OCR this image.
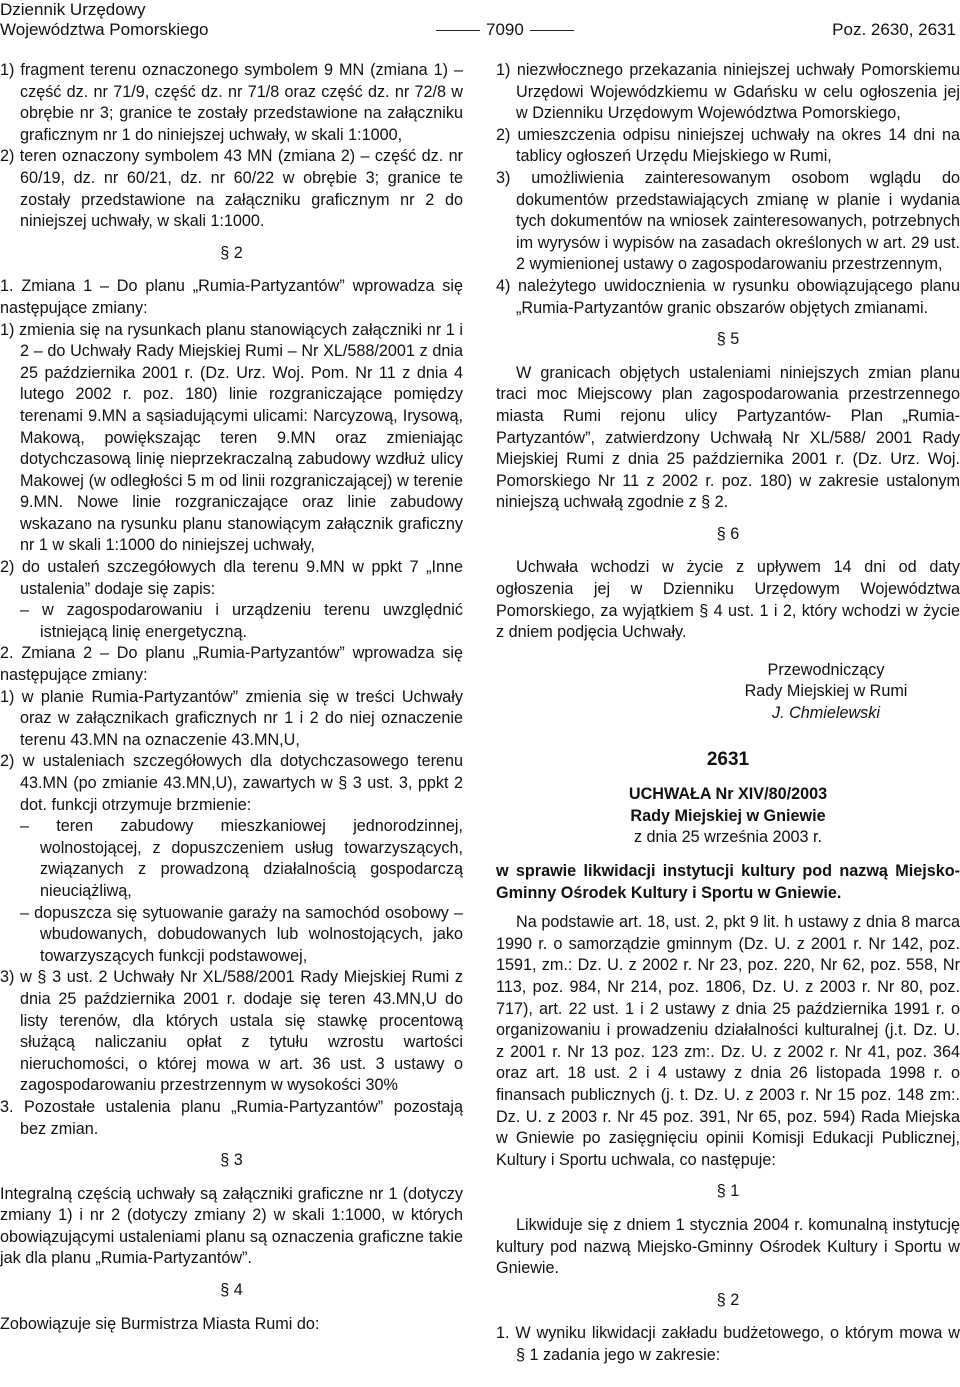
Dziennik Urzędowy
Województwa Pomorskiego	7090	Poz. 2630, 2631

1) fragment terenu oznaczonego symbolem 9 MN (zmiana 1) – część dz. nr 71/9, część dz. nr 71/8 oraz część dz. nr 72/8 w obrębie nr 3; granice te zostały przedstawione na załączniku graficznym nr 1 do niniejszej uchwały, w skali 1:1000,

2) teren oznaczony symbolem 43 MN (zmiana 2) – część dz. nr 60/19, dz. nr 60/21, dz. nr 60/22 w obrębie 3; granice te zostały przedstawione na załączniku graficznym nr 2 do niniejszej uchwały, w skali 1:1000.

§ 2

1. Zmiana 1 – Do planu „Rumia-Partyzantów” wprowadza się następujące zmiany:

1) zmienia się na rysunkach planu stanowiących załączniki nr 1 i 2 – do Uchwały Rady Miejskiej Rumi – Nr XL/588/2001 z dnia 25 października 2001 r. (Dz. Urz. Woj. Pom. Nr 11 z dnia 4 lutego 2002 r. poz. 180) linie rozgraniczające pomiędzy terenami 9.MN a sąsiadującymi ulicami: Narcyzową, Irysową, Makową, powiększając teren 9.MN oraz zmieniając dotychczasową linię nieprzekraczalną zabudowy wzdłuż ulicy Makowej (w odległości 5 m od linii rozgraniczającej) w terenie 9.MN. Nowe linie rozgraniczające oraz linie zabudowy wskazano na rysunku planu stanowiącym załącznik graficzny nr 1 w skali 1:1000 do niniejszej uchwały,

2) do ustaleń szczegółowych dla terenu 9.MN w ppkt 7 „Inne ustalenia” dodaje się zapis:

– w zagospodarowaniu i urządzeniu terenu uwzględnić istniejącą linię energetyczną.

2. Zmiana 2 – Do planu „Rumia-Partyzantów” wprowadza się następujące zmiany:

1) w planie Rumia-Partyzantów” zmienia się w treści Uchwały oraz w załącznikach graficznych nr 1 i 2 do niej oznaczenie terenu 43.MN na oznaczenie 43.MN,U,

2) w ustaleniach szczegółowych dla dotychczasowego terenu 43.MN (po zmianie 43.MN,U), zawartych w § 3 ust. 3, ppkt 2 dot. funkcji otrzymuje brzmienie:

– teren zabudowy mieszkaniowej jednorodzinnej, wolnostojącej, z dopuszczeniem usług towarzyszących, związanych z prowadzoną działalnością gospodarczą nieuciążliwą,

– dopuszcza się sytuowanie garaży na samochód osobowy – wbudowanych, dobudowanych lub wolnostojących, jako towarzyszących funkcji podstawowej,

3) w § 3 ust. 2 Uchwały Nr XL/588/2001 Rady Miejskiej Rumi z dnia 25 października 2001 r. dodaje się teren 43.MN,U do listy terenów, dla których ustala się stawkę procentową służącą naliczaniu opłat z tytułu wzrostu wartości nieruchomości, o której mowa w art. 36 ust. 3 ustawy o zagospodarowaniu przestrzennym w wysokości 30%

3. Pozostałe ustalenia planu „Rumia-Partyzantów” pozostają bez zmian.

§ 3

Integralną częścią uchwały są załączniki graficzne nr 1 (dotyczy zmiany 1) i nr 2 (dotyczy zmiany 2) w skali 1:1000, w których obowiązującymi ustaleniami planu są oznaczenia graficzne takie jak dla planu „Rumia-Partyzantów”.

§ 4

Zobowiązuje się Burmistrza Miasta Rumi do:

1) niezwłocznego przekazania niniejszej uchwały Pomorskiemu Urzędowi Wojewódzkiemu w Gdańsku w celu ogłoszenia jej w Dzienniku Urzędowym Województwa Pomorskiego,

2) umieszczenia odpisu niniejszej uchwały na okres 14 dni na tablicy ogłoszeń Urzędu Miejskiego w Rumi,

3) umożliwienia zainteresowanym osobom wglądu do dokumentów przedstawiających zmianę w planie i wydania tych dokumentów na wniosek zainteresowanych, potrzebnych im wyrysów i wypisów na zasadach określonych w art. 29 ust. 2 wymienionej ustawy o zagospodarowaniu przestrzennym,

4) należytego uwidocznienia w rysunku obowiązującego planu „Rumia-Partyzantów granic obszarów objętych zmianami.

§ 5

W granicach objętych ustaleniami niniejszych zmian planu traci moc Miejscowy plan zagospodarowania przestrzennego miasta Rumi rejonu ulicy Partyzantów- Plan „Rumia-Partyzantów”, zatwierdzony Uchwałą Nr XL/588/ 2001 Rady Miejskiej Rumi z dnia 25 października 2001 r. (Dz. Urz. Woj. Pomorskiego Nr 11 z 2002 r. poz. 180) w zakresie ustalonym niniejszą uchwałą zgodnie z § 2.

§ 6

Uchwała wchodzi w życie z upływem 14 dni od daty ogłoszenia jej w Dzienniku Urzędowym Województwa Pomorskiego, za wyjątkiem § 4 ust. 1 i 2, który wchodzi w życie z dniem podjęcia Uchwały.

Przewodniczący
Rady Miejskiej w Rumi
J. Chmielewski
2631
UCHWAŁA Nr XIV/80/2003
Rady Miejskiej w Gniewie
z dnia 25 września 2003 r.

w sprawie likwidacji instytucji kultury pod nazwą Miejsko-Gminny Ośrodek Kultury i Sportu w Gniewie.

Na podstawie art. 18, ust. 2, pkt 9 lit. h ustawy z dnia 8 marca 1990 r. o samorządzie gminnym (Dz. U. z 2001 r. Nr 142, poz. 1591, zm.: Dz. U. z 2002 r. Nr 23, poz. 220, Nr 62, poz. 558, Nr 113, poz. 984, Nr 214, poz. 1806, Dz. U. z 2003 r. Nr 80, poz. 717), art. 22 ust. 1 i 2 ustawy z dnia 25 października 1991 r. o organizowaniu i prowadzeniu działalności kulturalnej (j.t. Dz. U. z 2001 r. Nr 13 poz. 123 zm:. Dz. U. z 2002 r. Nr 41, poz. 364 oraz art. 18 ust. 2 i 4 ustawy z dnia 26 listopada 1998 r. o finansach publicznych (j. t. Dz. U. z 2003 r. Nr 15 poz. 148 zm:. Dz. U. z 2003 r. Nr 45 poz. 391, Nr 65, poz. 594) Rada Miejska w Gniewie po zasięgnięciu opinii Komisji Edukacji Publicznej, Kultury i Sportu uchwala, co następuje:

§ 1

Likwiduje się z dniem 1 stycznia 2004 r. komunalną instytucję kultury pod nazwą Miejsko-Gminny Ośrodek Kultury i Sportu w Gniewie.

§ 2

1. W wyniku likwidacji zakładu budżetowego, o którym mowa w § 1 zadania jego w zakresie:
